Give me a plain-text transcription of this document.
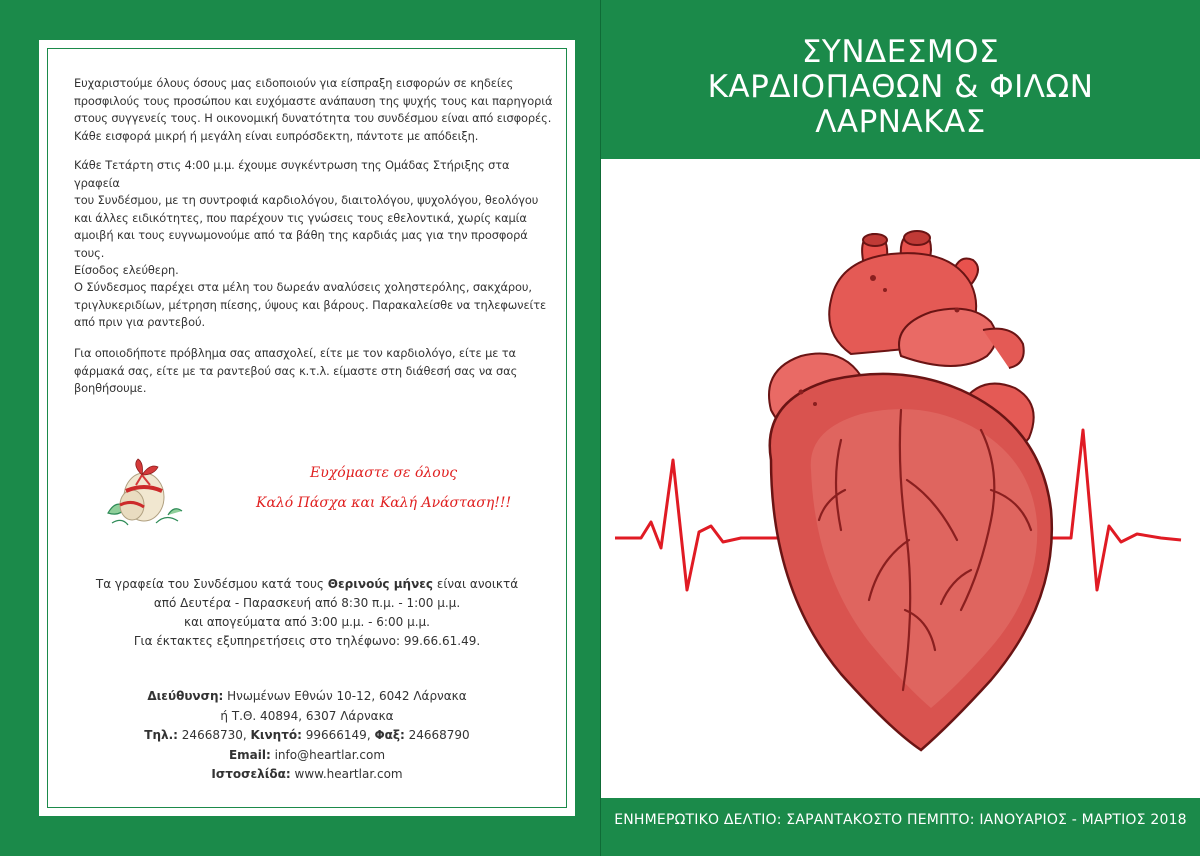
Ευχαριστούμε όλους όσους μας ειδοποιούν για είσπραξη εισφορών σε κηδείες
προσφιλούς τους προσώπου και ευχόμαστε ανάπαυση της ψυχής τους και παρηγοριά
στους συγγενείς τους. Η οικονομική δυνατότητα του συνδέσμου είναι από εισφορές.
Κάθε εισφορά μικρή ή μεγάλη είναι ευπρόσδεκτη, πάντοτε με απόδειξη.

Κάθε Τετάρτη στις 4:00 μ.μ. έχουμε συγκέντρωση της Ομάδας Στήριξης στα γραφεία
του Συνδέσμου, με τη συντροφιά καρδιολόγου, διαιτολόγου, ψυχολόγου, θεολόγου
και άλλες ειδικότητες, που παρέχουν τις γνώσεις τους εθελοντικά, χωρίς καμία
αμοιβή και τους ευγνωμονούμε από τα βάθη της καρδιάς μας για την προσφορά
τους.
Είσοδος ελεύθερη.

Ο Σύνδεσμος παρέχει στα μέλη του δωρεάν αναλύσεις χοληστερόλης, σακχάρου,
τριγλυκεριδίων, μέτρηση πίεσης, ύψους και βάρους. Παρακαλείσθε να τηλεφωνείτε
από πριν για ραντεβού.

Για οποιοδήποτε πρόβλημα σας απασχολεί, είτε με τον καρδιολόγο, είτε με τα
φάρμακά σας, είτε με τα ραντεβού σας κ.τ.λ. είμαστε στη διάθεσή σας να σας
βοηθήσουμε.

Ευχόμαστε σε όλους
Καλό Πάσχα και Καλή Ανάσταση!!!
Τα γραφεία του Συνδέσμου κατά τους Θερινούς μήνες είναι ανοικτά
από Δευτέρα - Παρασκευή από 8:30 π.μ. - 1:00 μ.μ.
και απογεύματα από 3:00 μ.μ. - 6:00 μ.μ.
Για έκτακτες εξυπηρετήσεις στο τηλέφωνο: 99.66.61.49.
Διεύθυνση: Ηνωμένων Εθνών 10-12, 6042 Λάρνακα
ή Τ.Θ. 40894, 6307 Λάρνακα
Τηλ.: 24668730, Κινητό: 99666149, Φαξ: 24668790
Email: info@heartlar.com
Ιστοσελίδα: www.heartlar.com
ΣΥΝΔΕΣΜΟΣ
ΚΑΡΔΙΟΠΑΘΩΝ & ΦΙΛΩΝ
ΛΑΡΝΑΚΑΣ
ΕΝΗΜΕΡΩΤΙΚΟ ΔΕΛΤΙΟ: ΣΑΡΑΝΤΑΚΟΣΤΟ ΠΕΜΠΤΟ: ΙΑΝΟΥΑΡΙΟΣ - ΜΑΡΤΙΟΣ 2018
